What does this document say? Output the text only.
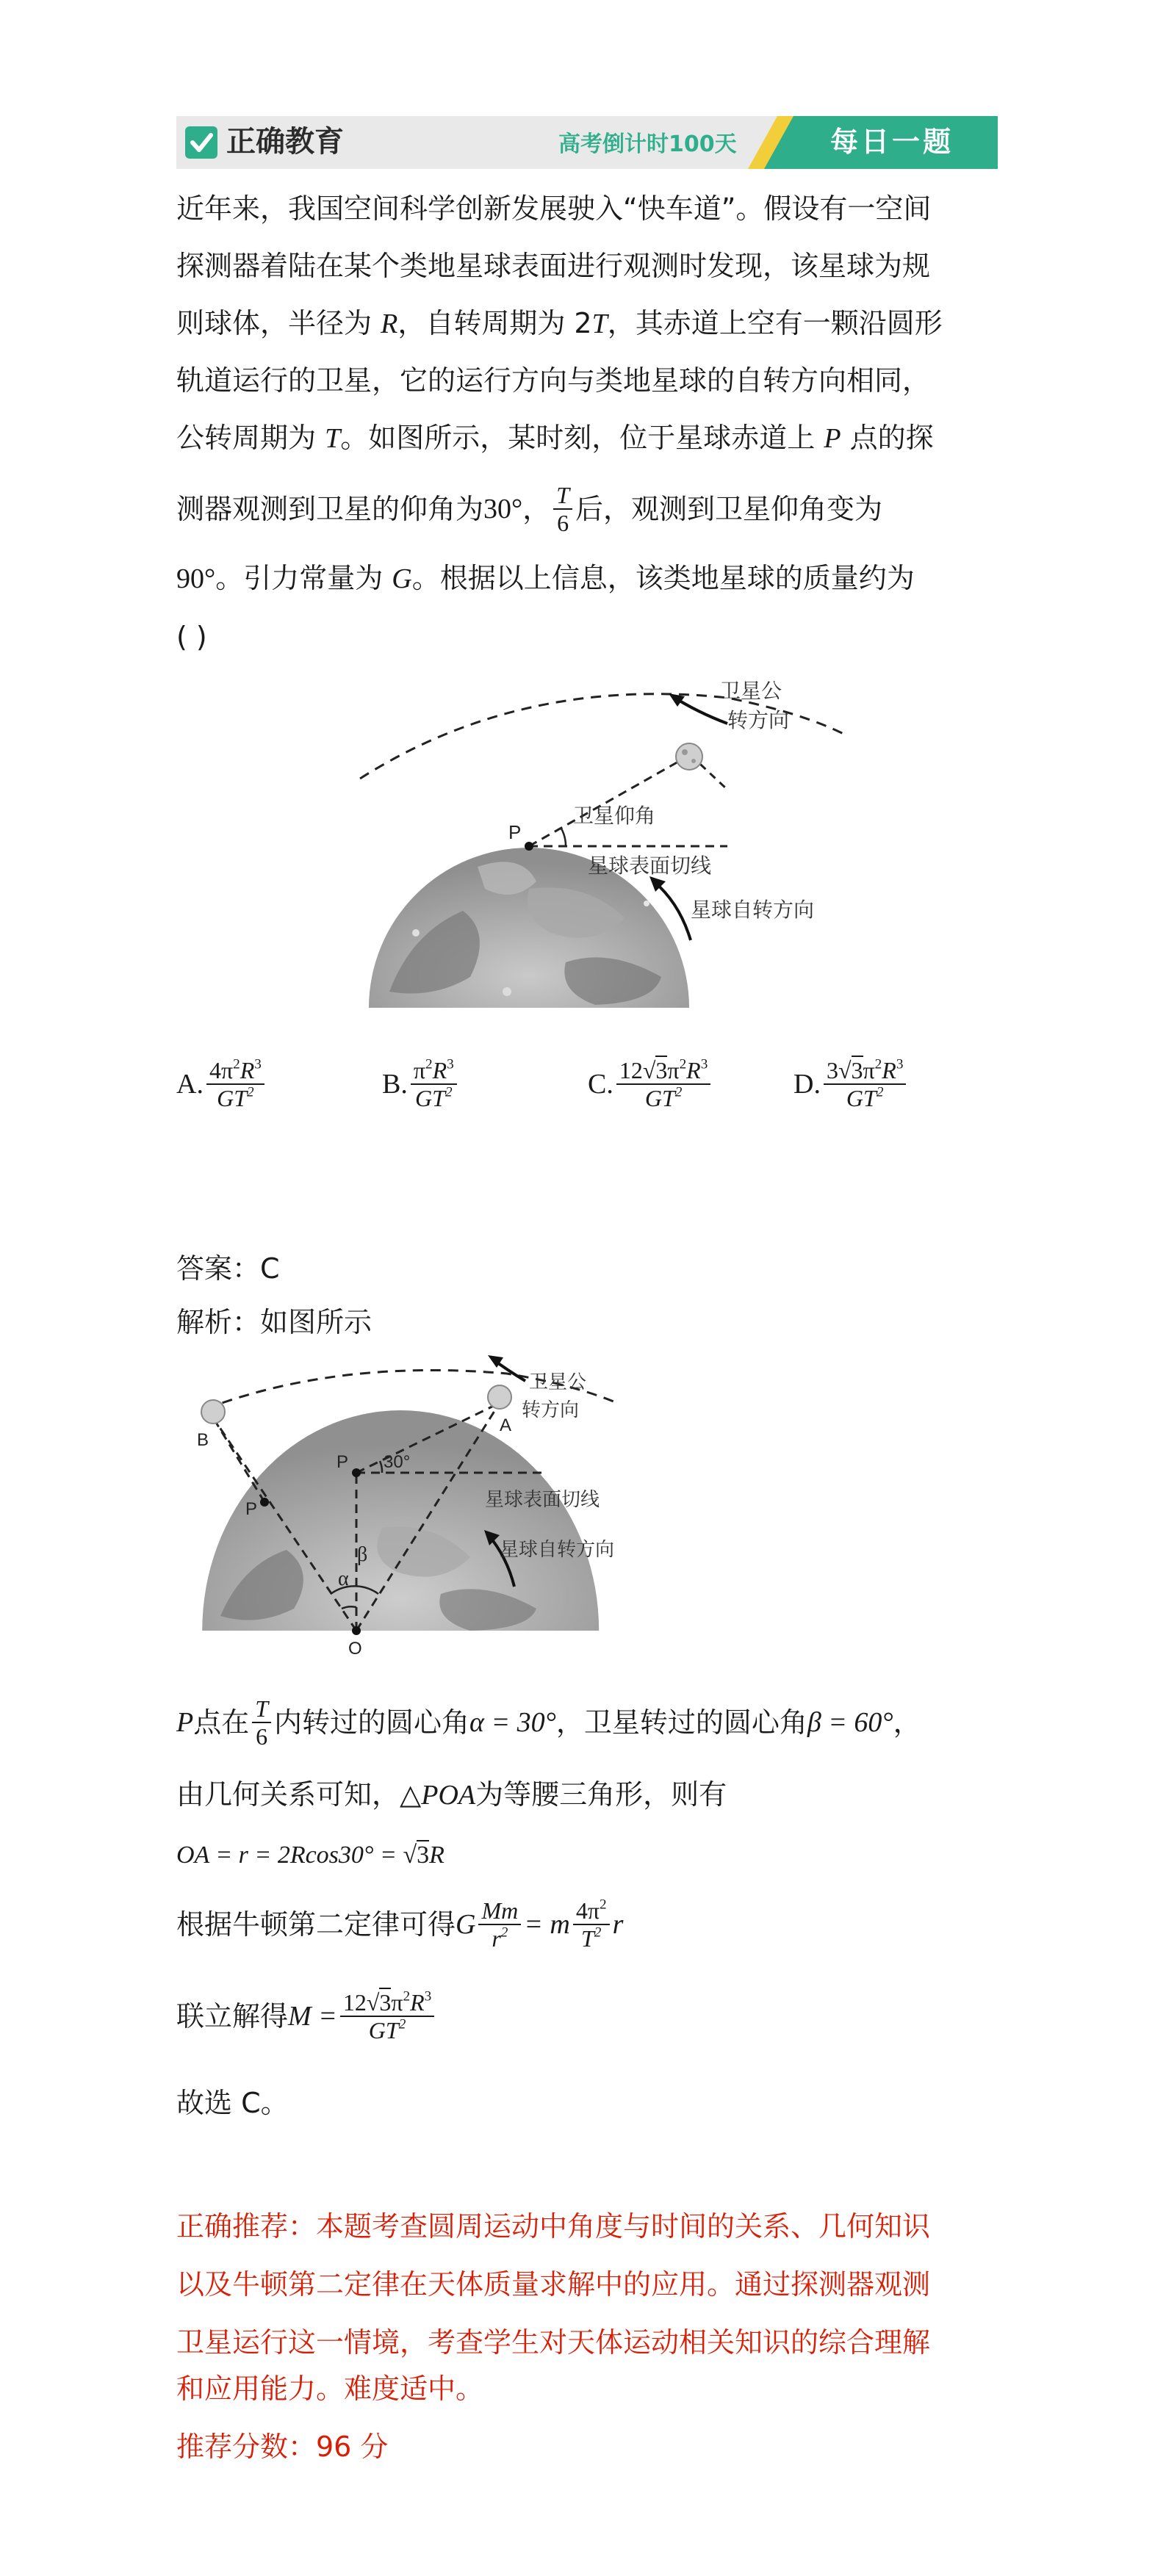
正确教育	高考倒计时100天	每日一题
近年来，我国空间科学创新发展驶入“快车道”。假设有一空间
探测器着陆在某个类地星球表面进行观测时发现，该星球为规
则球体，半径为 R，自转周期为 2T，其赤道上空有一颗沿圆形
轨道运行的卫星，它的运行方向与类地星球的自转方向相同，
公转周期为 T。如图所示，某时刻，位于星球赤道上 P 点的探
测器观测到卫星的仰角为 30° ， $\frac{T}{6}$ 后，观测到卫星仰角变为
90°。引力常量为 G。根据以上信息，该类地星球的质量约为
( )
P
卫星公
转方向
卫星仰角
星球表面切线
星球自转方向
A. $\frac{4\pi^2R^3}{GT^2}$	B. $\frac{\pi^2R^3}{GT^2}$	C. $\frac{12√3\pi^2R^3}{GT^2}$	D. $\frac{3√3\pi^2R^3}{GT^2}$
答案：C
解析：如图所示
B
A
P
P
O
30°
α
β
卫星公
转方向
星球表面切线
星球自转方向
P 点在 $\frac{T}{6}$ 内转过的圆心角 α = 30° ，卫星转过的圆心角 β = 60° ，
由几何关系可知，△POA为等腰三角形，则有
OA = r = 2Rcos30° = √3R
根据牛顿第二定律可得 G $\frac{Mm}{r^2} = m \frac{4\pi^2}{T^2}$ r
联立解得 $M = \frac{12√3\pi^2R^3}{GT^2}$
故选 C。
正确推荐：本题考查圆周运动中角度与时间的关系、几何知识
以及牛顿第二定律在天体质量求解中的应用。通过探测器观测
卫星运行这一情境，考查学生对天体运动相关知识的综合理解
和应用能力。难度适中。
推荐分数：96 分
